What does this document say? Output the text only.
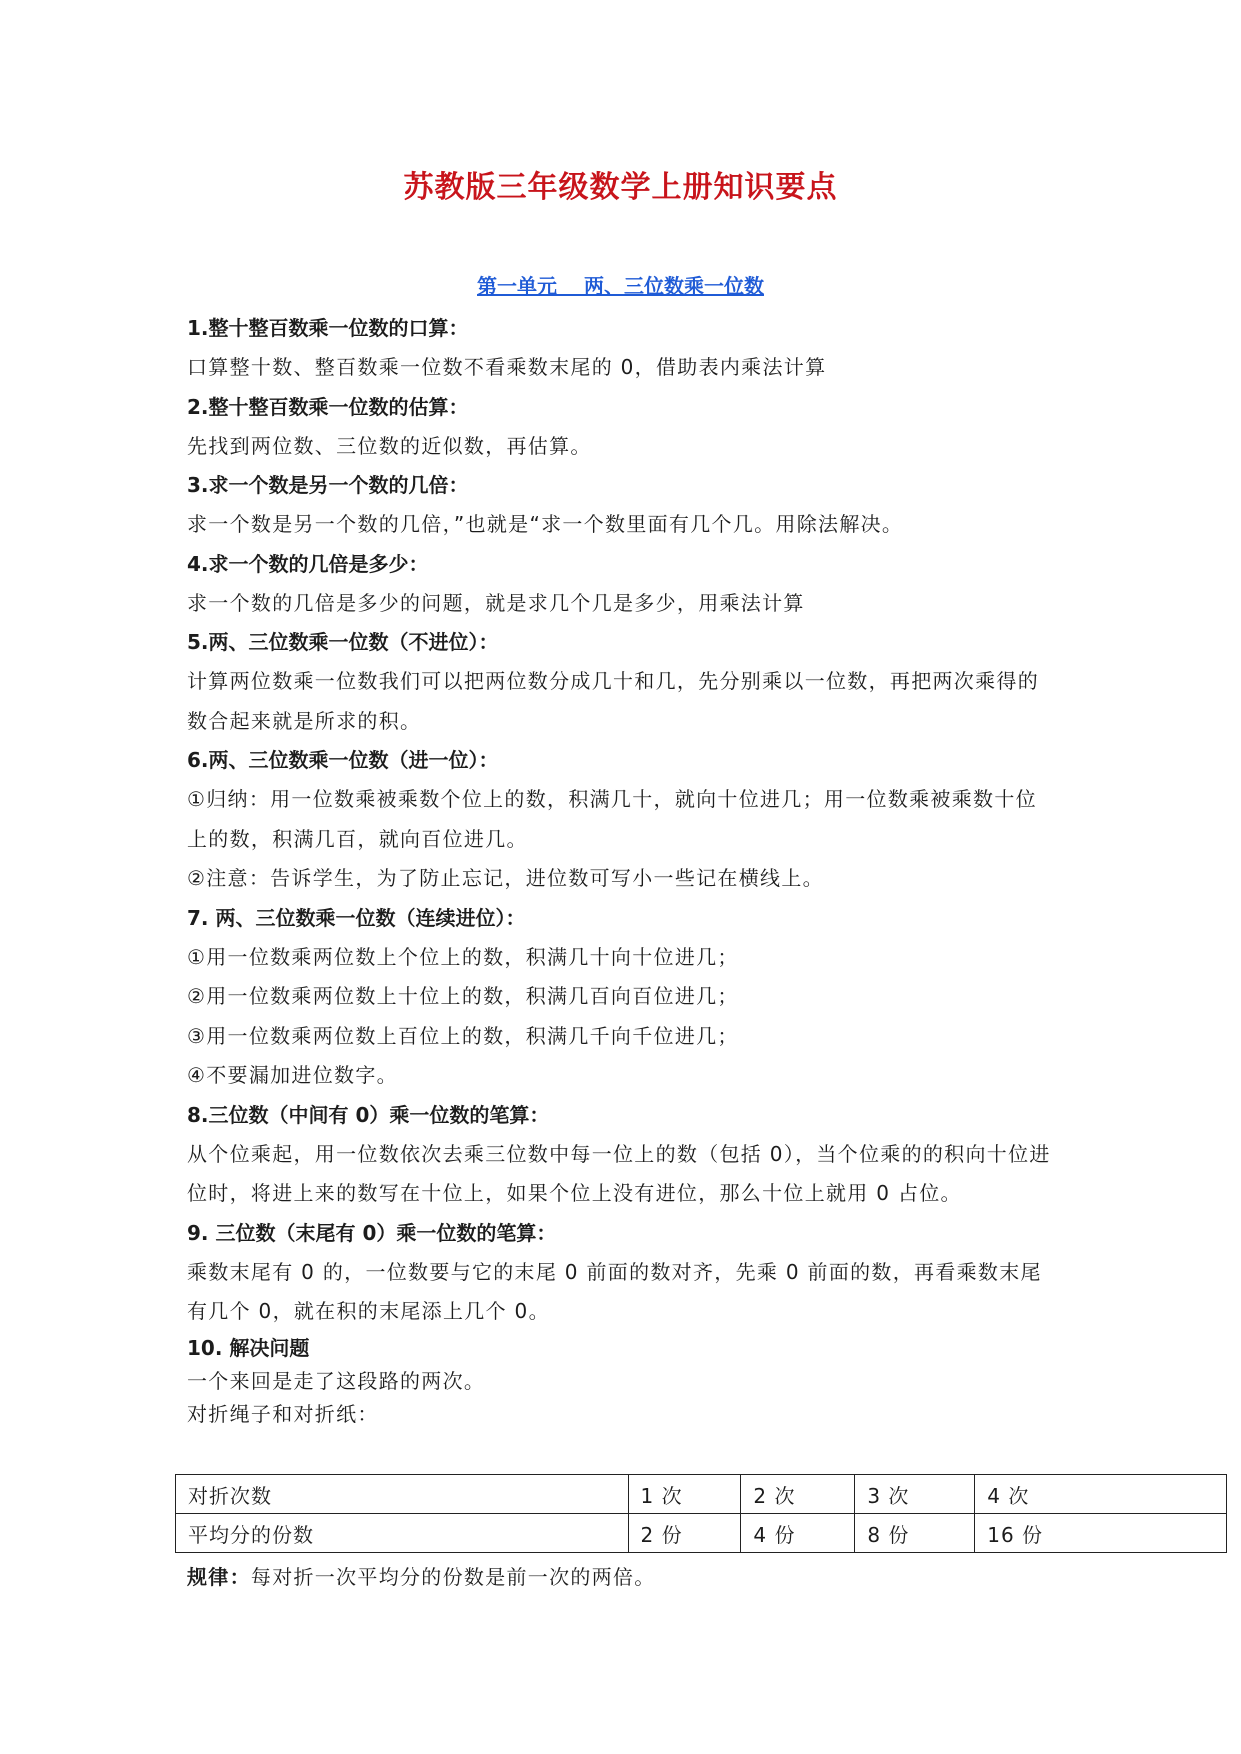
苏教版三年级数学上册知识要点
第一单元　 两、三位数乘一位数
1.整十整百数乘一位数的口算：

口算整十数、整百数乘一位数不看乘数末尾的 0，借助表内乘法计算

2.整十整百数乘一位数的估算：

先找到两位数、三位数的近似数，再估算。

3.求一个数是另一个数的几倍：

求一个数是另一个数的几倍，”也就是“求一个数里面有几个几。用除法解决。

4.求一个数的几倍是多少：

求一个数的几倍是多少的问题，就是求几个几是多少，用乘法计算

5.两、三位数乘一位数（不进位）：

计算两位数乘一位数我们可以把两位数分成几十和几，先分别乘以一位数，再把两次乘得的数合起来就是所求的积。

6.两、三位数乘一位数（进一位）：

①归纳：用一位数乘被乘数个位上的数，积满几十，就向十位进几；用一位数乘被乘数十位上的数，积满几百，就向百位进几。

②注意：告诉学生，为了防止忘记，进位数可写小一些记在横线上。

7. 两、三位数乘一位数（连续进位）：

①用一位数乘两位数上个位上的数，积满几十向十位进几；

②用一位数乘两位数上十位上的数，积满几百向百位进几；

③用一位数乘两位数上百位上的数，积满几千向千位进几；

④不要漏加进位数字。

8.三位数（中间有 0）乘一位数的笔算：

从个位乘起，用一位数依次去乘三位数中每一位上的数（包括 0），当个位乘的的积向十位进位时，将进上来的数写在十位上，如果个位上没有进位，那么十位上就用 0 占位。

9. 三位数（末尾有 0）乘一位数的笔算：

乘数末尾有 0 的，一位数要与它的末尾 0 前面的数对齐，先乘 0 前面的数，再看乘数末尾有几个 0，就在积的末尾添上几个 0。

10. 解决问题

一个来回是走了这段路的两次。

对折绳子和对折纸：

对折次数	1 次	2 次	3 次	4 次
平均分的份数	2 份	4 份	8 份	16 份
规律：每对折一次平均分的份数是前一次的两倍。
